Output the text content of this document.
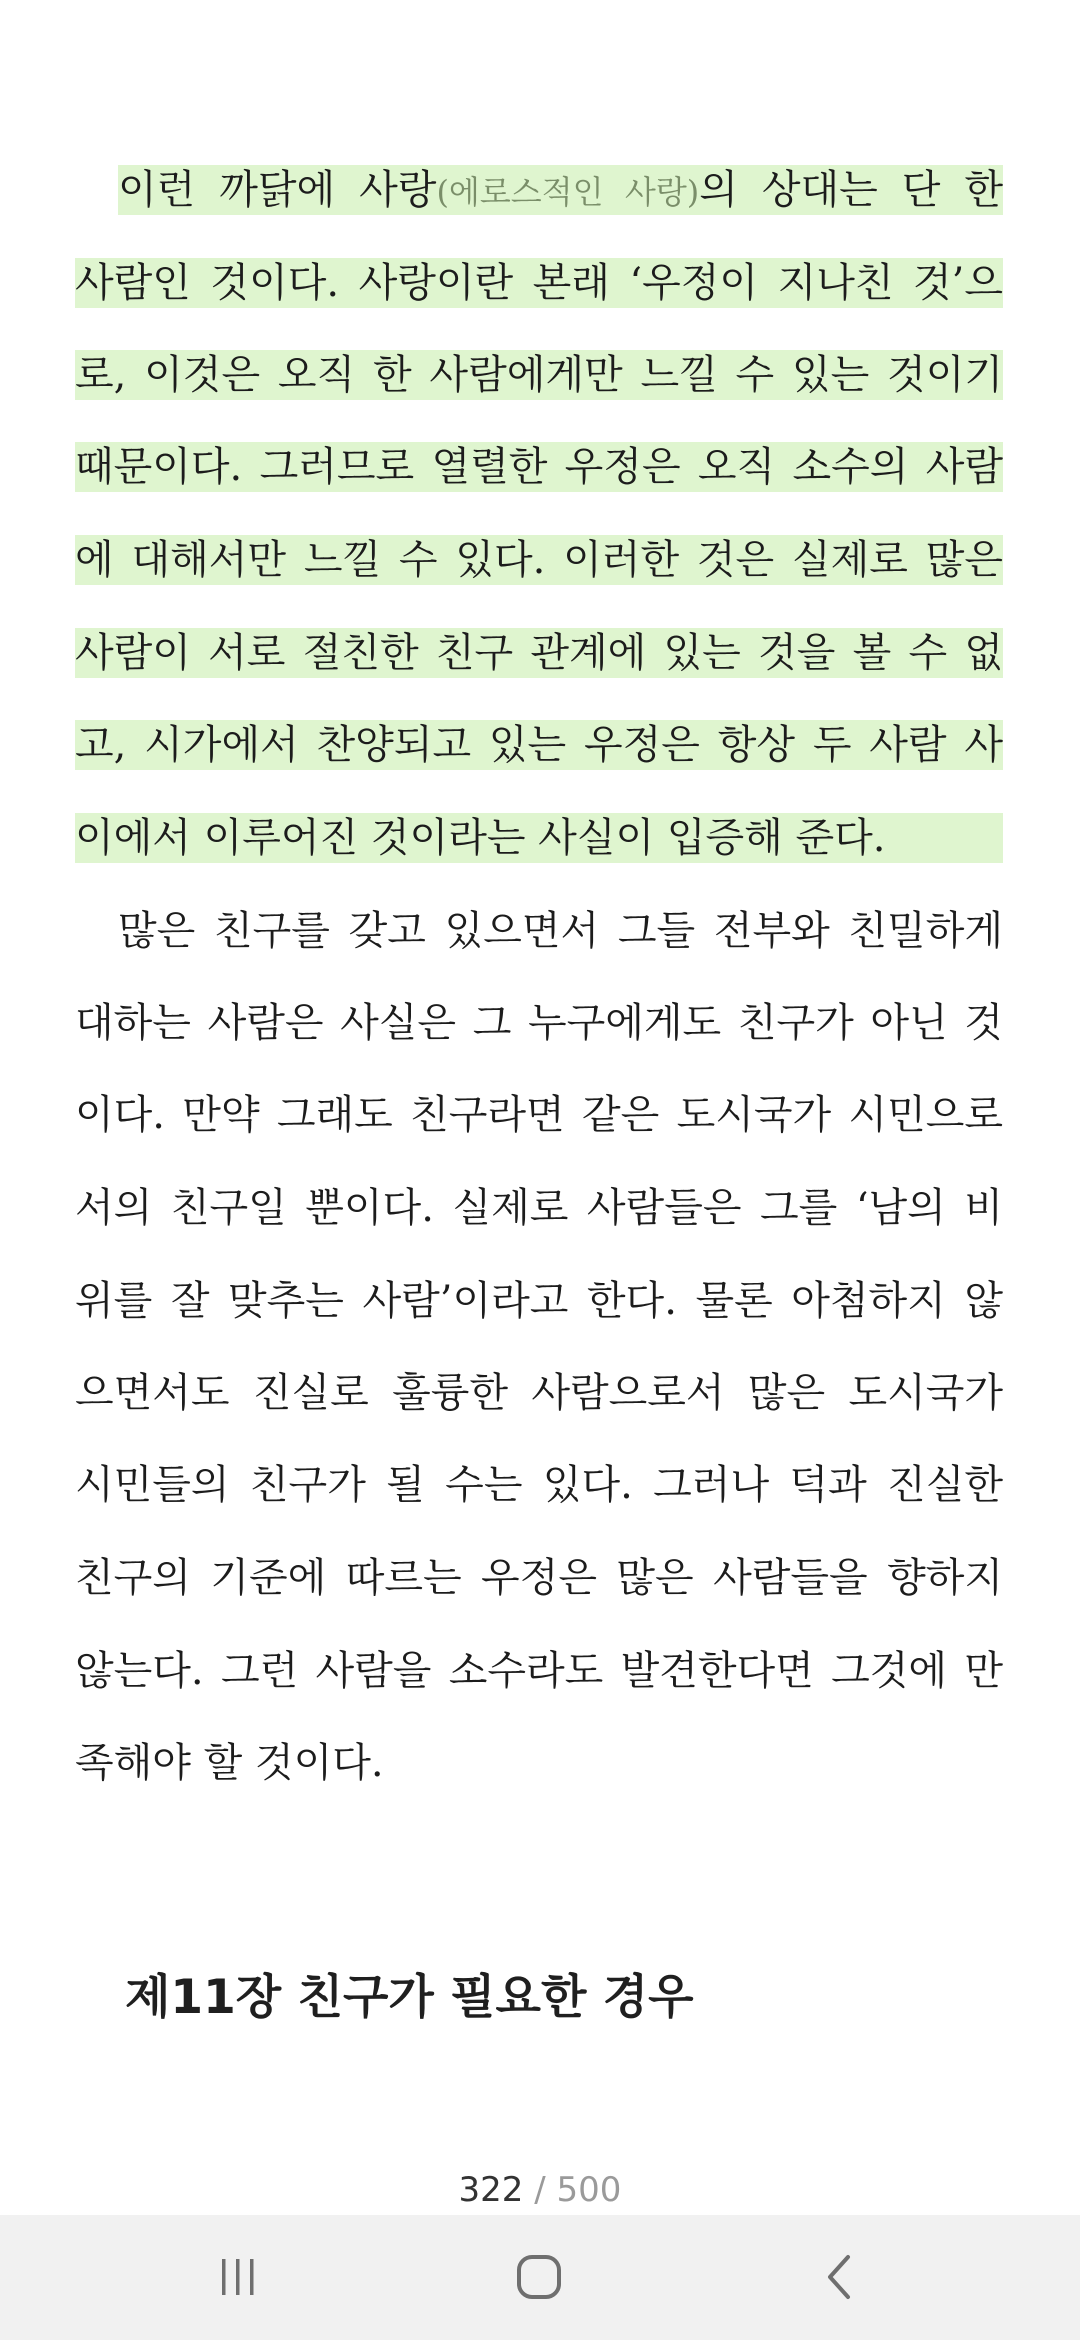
이런 까닭에 사랑(에로스적인 사랑)의 상대는 단 한
사람인 것이다. 사랑이란 본래 ‘우정이 지나친 것’으
로, 이것은 오직 한 사람에게만 느낄 수 있는 것이기
때문이다. 그러므로 열렬한 우정은 오직 소수의 사람
에 대해서만 느낄 수 있다. 이러한 것은 실제로 많은
사람이 서로 절친한 친구 관계에 있는 것을 볼 수 없
고, 시가에서 찬양되고 있는 우정은 항상 두 사람 사
이에서 이루어진 것이라는 사실이 입증해 준다.
많은 친구를 갖고 있으면서 그들 전부와 친밀하게
대하는 사람은 사실은 그 누구에게도 친구가 아닌 것
이다. 만약 그래도 친구라면 같은 도시국가 시민으로
서의 친구일 뿐이다. 실제로 사람들은 그를 ‘남의 비
위를 잘 맞추는 사람’이라고 한다. 물론 아첨하지 않
으면서도 진실로 훌륭한 사람으로서 많은 도시국가
시민들의 친구가 될 수는 있다. 그러나 덕과 진실한
친구의 기준에 따르는 우정은 많은 사람들을 향하지
않는다. 그런 사람을 소수라도 발견한다면 그것에 만
족해야 할 것이다.
제11장 친구가 필요한 경우
322 / 500
